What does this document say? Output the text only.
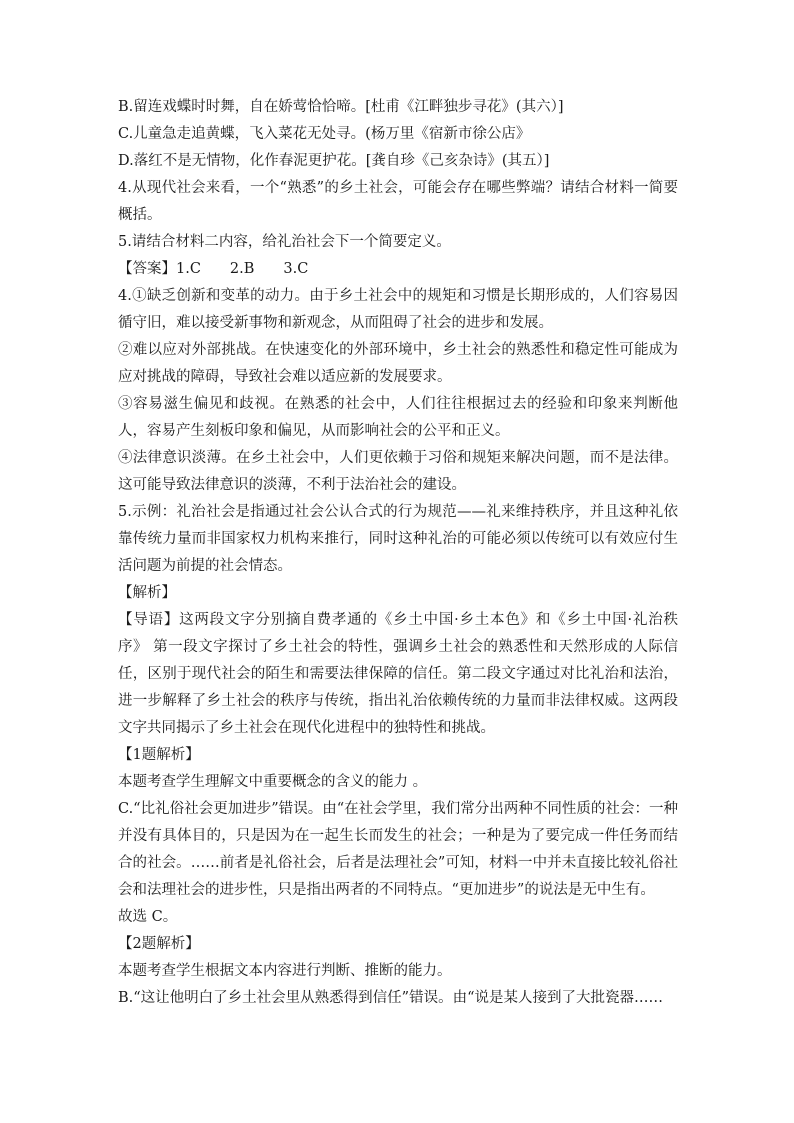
B.留连戏蝶时时舞，自在娇莺恰恰啼。[杜甫《江畔独步寻花》(其六）]
C.儿童急走追黄蝶，飞入菜花无处寻。(杨万里《宿新市徐公店》
D.落红不是无情物，化作春泥更护花。[龚自珍《己亥杂诗》(其五）]
4.从现代社会来看，一个“熟悉”的乡土社会，可能会存在哪些弊端？请结合材料一简要概括。
5.请结合材料二内容，给礼治社会下一个简要定义。
【答案】1.C　　2.B　　3.C
4.①缺乏创新和变革的动力。由于乡土社会中的规矩和习惯是长期形成的，人们容易因循守旧，难以接受新事物和新观念，从而阻碍了社会的进步和发展。
②难以应对外部挑战。在快速变化的外部环境中，乡土社会的熟悉性和稳定性可能成为应对挑战的障碍，导致社会难以适应新的发展要求。
③容易滋生偏见和歧视。在熟悉的社会中，人们往往根据过去的经验和印象来判断他人，容易产生刻板印象和偏见，从而影响社会的公平和正义。
④法律意识淡薄。在乡土社会中，人们更依赖于习俗和规矩来解决问题，而不是法律。这可能导致法律意识的淡薄，不利于法治社会的建设。
5.示例：礼治社会是指通过社会公认合式的行为规范——礼来维持秩序，并且这种礼依靠传统力量而非国家权力机构来推行，同时这种礼治的可能必须以传统可以有效应付生活问题为前提的社会情态。
【解析】
【导语】这两段文字分别摘自费孝通的《乡土中国·乡土本色》和《乡土中国·礼治秩序》 第一段文字探讨了乡土社会的特性，强调乡土社会的熟悉性和天然形成的人际信任，区别于现代社会的陌生和需要法律保障的信任。第二段文字通过对比礼治和法治，进一步解释了乡土社会的秩序与传统，指出礼治依赖传统的力量而非法律权威。这两段文字共同揭示了乡土社会在现代化进程中的独特性和挑战。
【1题解析】
本题考查学生理解文中重要概念的含义的能力 。
C.“比礼俗社会更加进步”错误。由“在社会学里，我们常分出两种不同性质的社会：一种并没有具体目的，只是因为在一起生长而发生的社会；一种是为了要完成一件任务而结合的社会。……前者是礼俗社会，后者是法理社会”可知，材料一中并未直接比较礼俗社会和法理社会的进步性，只是指出两者的不同特点。“更加进步”的说法是无中生有。
故选 C。
【2题解析】
本题考查学生根据文本内容进行判断、推断的能力。
B.“这让他明白了乡土社会里从熟悉得到信任”错误。由“说是某人接到了大批瓷器……
